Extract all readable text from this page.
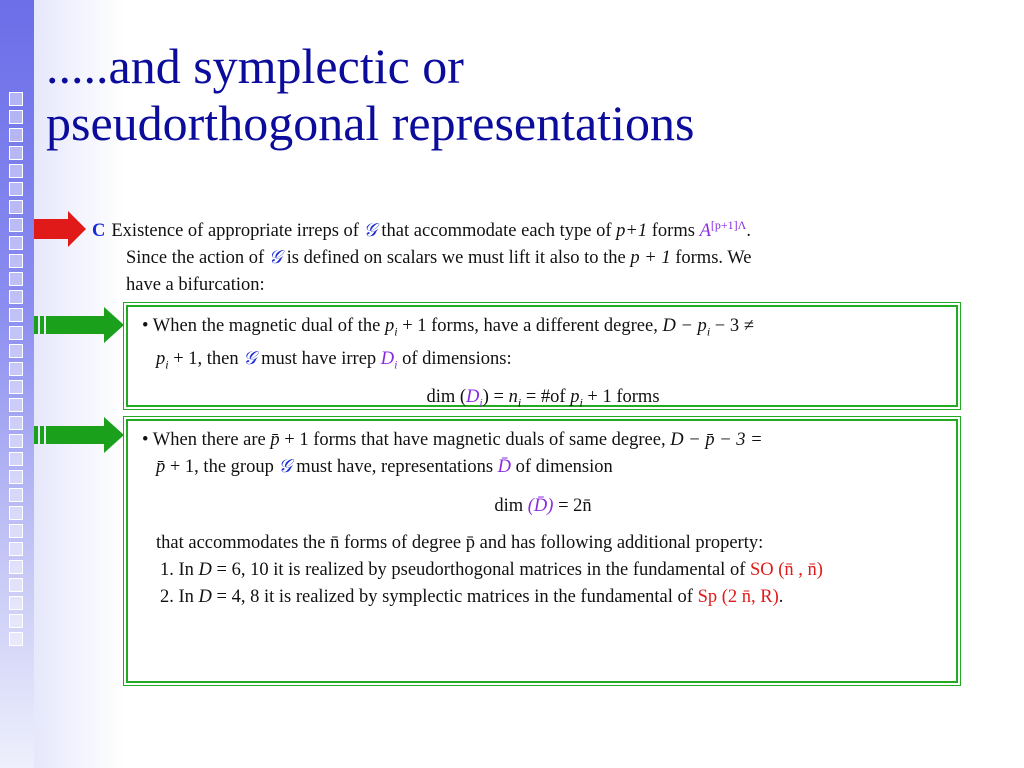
.....and symplectic or
pseudorthogonal representations
C Existence of appropriate irreps of 𝒢 that accommodate each type of p+1 forms $A^{[p+1]\Lambda}$.
Since the action of 𝒢 is defined on scalars we must lift it also to the p + 1 forms. We
have a bifurcation:
• When the magnetic dual of the $p_i + 1$ forms, have a different degree, $D - p_i - 3$ ≠
$p_i + 1$, then 𝒢 must have irrep $D_i$ of dimensions:
dim $(D_i) = n_i$ = #of $p_i + 1$ forms
• When there are p̄ + 1 forms that have magnetic duals of same degree, D − p̄ − 3 =
p̄ + 1, the group 𝒢 must have, representations D̄ of dimension
dim (D̄) = 2n̄
that accommodates the n̄ forms of degree p̄ and has following additional property:
1. In D = 6, 10 it is realized by pseudorthogonal matrices in the fundamental of SO (n̄ , n̄)
2. In D = 4, 8 it is realized by symplectic matrices in the fundamental of Sp (2 n̄, R).
